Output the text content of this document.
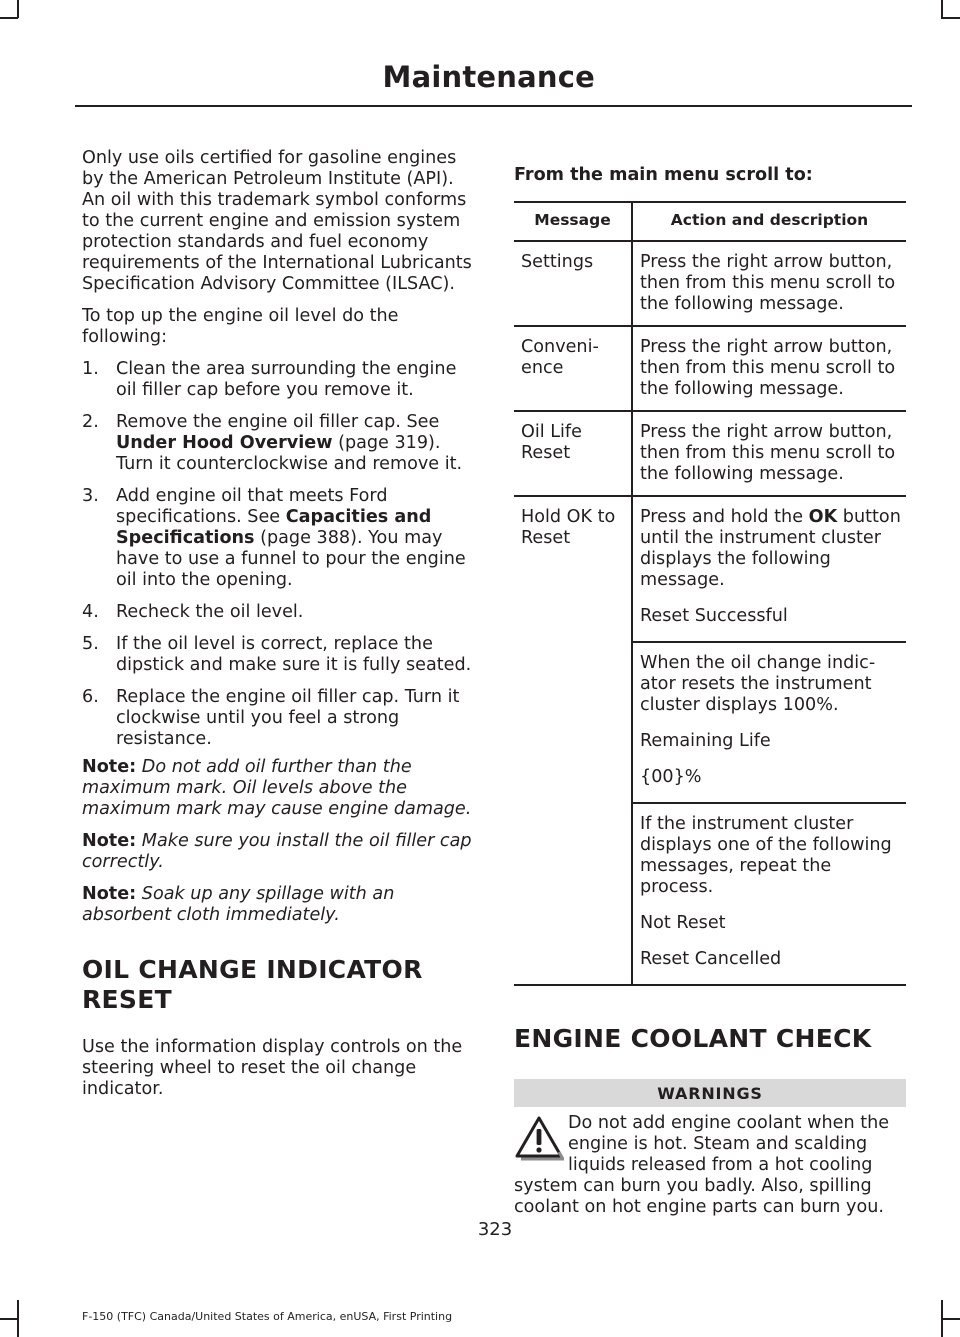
Maintenance

Only use oils certified for gasoline engines by the American Petroleum Institute (API). An oil with this trademark symbol conforms to the current engine and emission system protection standards and fuel economy requirements of the International Lubricants Specification Advisory Committee (ILSAC).

To top up the engine oil level do the following:

1. Clean the area surrounding the engine oil filler cap before you remove it.
2. Remove the engine oil filler cap. See Under Hood Overview (page 319). Turn it counterclockwise and remove it.
3. Add engine oil that meets Ford specifications. See Capacities and Specifications (page 388). You may have to use a funnel to pour the engine oil into the opening.
4. Recheck the oil level.
5. If the oil level is correct, replace the dipstick and make sure it is fully seated.
6. Replace the engine oil filler cap. Turn it clockwise until you feel a strong resistance.
Note: Do not add oil further than the maximum mark. Oil levels above the maximum mark may cause engine damage.
Note: Make sure you install the oil filler cap correctly.
Note: Soak up any spillage with an absorbent cloth immediately.
OIL CHANGE INDICATOR
RESET

Use the information display controls on the steering wheel to reset the oil change indicator.

From the main menu scroll to:
Message	Action and description
Settings	Press the right arrow button, then from this menu scroll to the following message.
Conveni-ence	Press the right arrow button, then from this menu scroll to the following message.
Oil Life Reset	Press the right arrow button, then from this menu scroll to the following message.
Hold OK to Reset	Press and hold the OK button until the instrument cluster displays the following message.
Reset Successful

	When the oil change indic-ator resets the instrument cluster displays 100%.
Remaining Life
{00}%

	If the instrument cluster displays one of the following messages, repeat the process.
Not Reset
Reset Cancelled
ENGINE COOLANT CHECK
WARNINGS
Do not add engine coolant when the engine is hot. Steam and scalding liquids released from a hot cooling system can burn you badly. Also, spilling coolant on hot engine parts can burn you.
323
F-150 (TFC) Canada/United States of America, enUSA, First Printing
